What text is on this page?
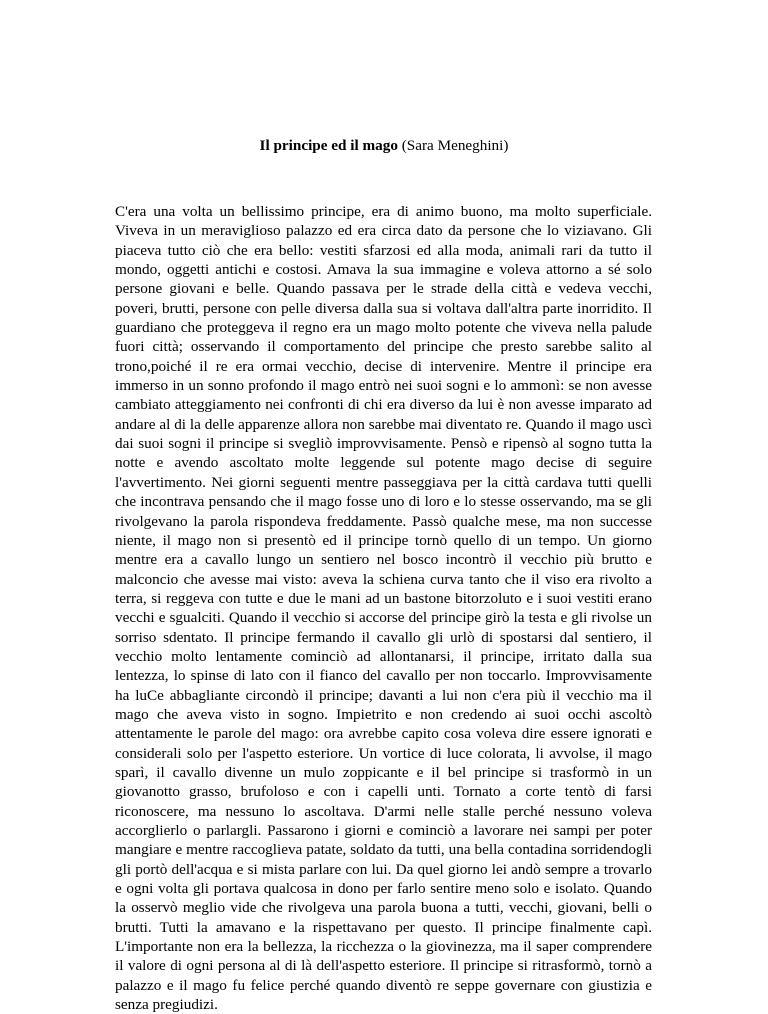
Il principe ed il mago (Sara Meneghini)

C'era una volta un bellissimo principe, era di animo buono, ma molto superficiale. Viveva in un meraviglioso palazzo ed era circa dato da persone che lo viziavano. Gli piaceva tutto ciò che era bello: vestiti sfarzosi ed alla moda, animali rari da tutto il mondo, oggetti antichi e costosi. Amava la sua immagine e voleva attorno a sé solo persone giovani e belle. Quando passava per le strade della città e vedeva vecchi, poveri, brutti, persone con pelle diversa dalla sua si voltava dall'altra parte inorridito. Il guardiano che proteggeva il regno era un mago molto potente che viveva nella palude fuori città; osservando il comportamento del principe che presto sarebbe salito al trono,poiché il re era ormai vecchio, decise di intervenire. Mentre il principe era immerso in un sonno profondo il mago entrò nei suoi sogni e lo ammonì: se non avesse cambiato atteggiamento nei confronti di chi era diverso da lui è non avesse imparato ad andare al di la delle apparenze allora non sarebbe mai diventato re. Quando il mago uscì dai suoi sogni il principe si svegliò improvvisamente. Pensò e ripensò al sogno tutta la notte e avendo ascoltato molte leggende sul potente mago decise di seguire l'avvertimento. Nei giorni seguenti mentre passeggiava per la città cardava tutti quelli che incontrava pensando che il mago fosse uno di loro e lo stesse osservando, ma se gli rivolgevano la parola rispondeva freddamente. Passò qualche mese, ma non successe niente, il mago non si presentò ed il principe tornò quello di un tempo. Un giorno mentre era a cavallo lungo un sentiero nel bosco incontrò il vecchio più brutto e malconcio che avesse mai visto: aveva la schiena curva tanto che il viso era rivolto a terra, si reggeva con tutte e due le mani ad un bastone bitorzoluto e i suoi vestiti erano vecchi e sgualciti. Quando il vecchio si accorse del principe girò la testa e gli rivolse un sorriso sdentato. Il principe fermando il cavallo gli urlò di spostarsi dal sentiero, il vecchio molto lentamente cominciò ad allontanarsi, il principe, irritato dalla sua lentezza, lo spinse di lato con il fianco del cavallo per non toccarlo. Improvvisamente ha luCe abbagliante circondò il principe; davanti a lui non c'era più il vecchio ma il mago che aveva visto in sogno. Impietrito e non credendo ai suoi occhi ascoltò attentamente le parole del mago: ora avrebbe capito cosa voleva dire essere ignorati e considerali solo per l'aspetto esteriore. Un vortice di luce colorata, li avvolse, il mago sparì, il cavallo divenne un mulo zoppicante e il bel principe si trasformò in un giovanotto grasso, brufoloso e con i capelli unti. Tornato a corte tentò di farsi riconoscere, ma nessuno lo ascoltava. D'armi nelle stalle perché nessuno voleva accorglierlo o parlargli. Passarono i giorni e cominciò a lavorare nei sampi per poter mangiare e mentre raccoglieva patate, soldato da tutti, una bella contadina sorridendogli gli portò dell'acqua e si mista parlare con lui. Da quel giorno lei andò sempre a trovarlo e ogni volta gli portava qualcosa in dono per farlo sentire meno solo e isolato. Quando la osservò meglio vide che rivolgeva una parola buona a tutti, vecchi, giovani, belli o brutti. Tutti la amavano e la rispettavano per questo. Il principe finalmente capì. L'importante non era la bellezza, la ricchezza o la giovinezza, ma il saper comprendere il valore di ogni persona al di là dell'aspetto esteriore. Il principe si ritrasformò, tornò a palazzo e il mago fu felice perché quando diventò re seppe governare con giustizia e senza pregiudizi.
